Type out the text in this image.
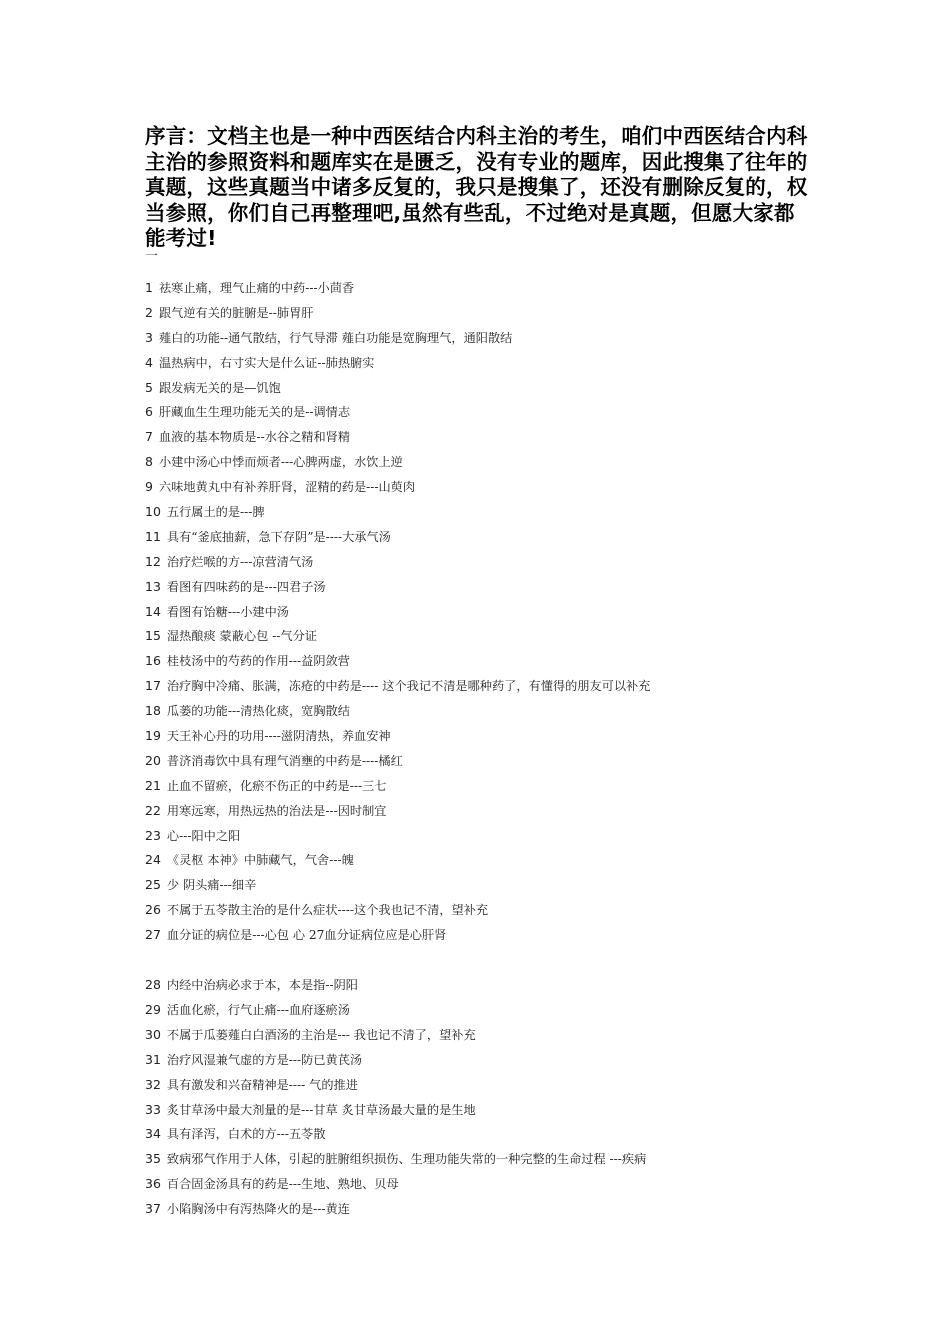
序言：文档主也是一种中西医结合内科主治的考生，咱们中西医结合内科主治的参照资料和题库实在是匮乏，没有专业的题库，因此搜集了往年的真题，这些真题当中诸多反复的，我只是搜集了，还没有删除反复的，权当参照，你们自己再整理吧,虽然有些乱，不过绝对是真题，但愿大家都能考过!
一
1 祛寒止痛，理气止痛的中药---小茴香
2 跟气逆有关的脏腑是--肺胃肝
3 薤白的功能--通气散结，行气导滞 薤白功能是宽胸理气，通阳散结
4 温热病中，右寸实大是什么证--肺热腑实
5 跟发病无关的是—饥饱
6 肝藏血生生理功能无关的是--调情志
7 血液的基本物质是--水谷之精和肾精
8 小建中汤心中悸而烦者---心脾两虚，水饮上逆
9 六味地黄丸中有补养肝肾，涩精的药是---山萸肉
10 五行属土的是---脾
11 具有“釜底抽薪，急下存阴”是----大承气汤
12 治疗烂喉的方---凉营清气汤
13 看图有四味药的是---四君子汤
14 看图有饴糖---小建中汤
15 湿热酿痰 蒙蔽心包 --气分证
16 桂枝汤中的芍药的作用---益阴敛营
17 治疗胸中冷痛、胀满，冻疮的中药是---- 这个我记不清是哪种药了，有懂得的朋友可以补充
18 瓜蒌的功能---清热化痰，宽胸散结
19 天王补心丹的功用----滋阴清热，养血安神
20 普济消毒饮中具有理气消壅的中药是----橘红
21 止血不留瘀，化瘀不伤正的中药是---三七
22 用寒远寒，用热远热的治法是---因时制宜
23 心---阳中之阳
24 《灵枢 本神》中肺藏气，气舍---魄
25 少 阴头痛---细辛
26 不属于五苓散主治的是什么症状----这个我也记不清，望补充
27 血分证的病位是---心包 心 27血分证病位应是心肝肾
28 内经中治病必求于本，本是指--阴阳
29 活血化瘀，行气止痛---血府逐瘀汤
30 不属于瓜蒌薤白白酒汤的主治是--- 我也记不清了，望补充
31 治疗风湿兼气虚的方是---防已黄芪汤
32 具有激发和兴奋精神是---- 气的推进
33 炙甘草汤中最大剂量的是---甘草 炙甘草汤最大量的是生地
34 具有泽泻，白术的方---五苓散
35 致病邪气作用于人体，引起的脏腑组织损伤、生理功能失常的一种完整的生命过程 ---疾病
36 百合固金汤具有的药是---生地、熟地、贝母
37 小陷胸汤中有泻热降火的是---黄连
